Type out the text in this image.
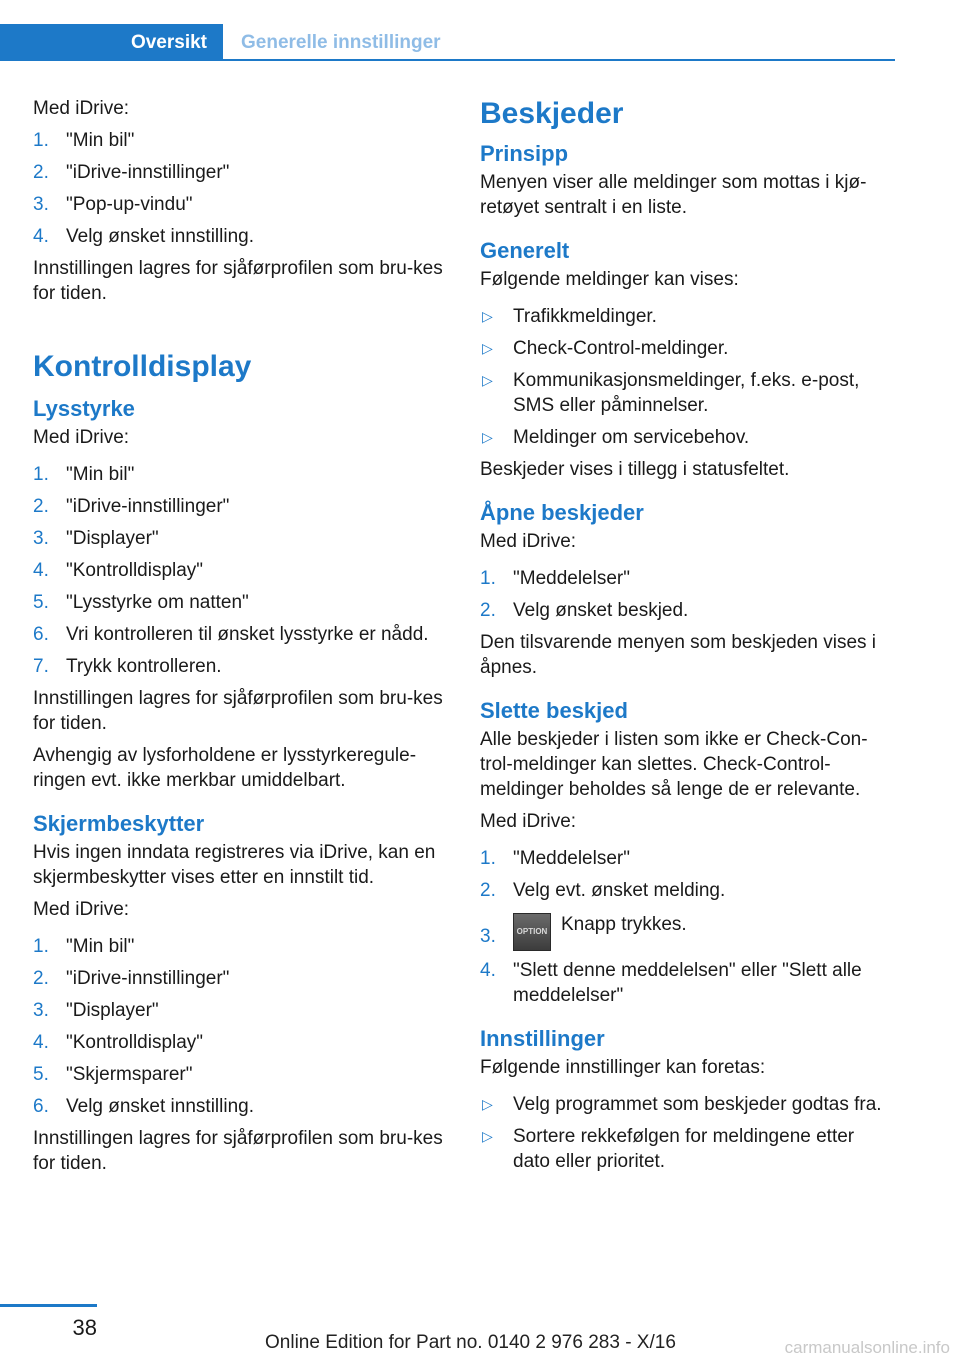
Oversikt	Generelle innstillinger

Med iDrive:

1. "Min bil"
2. "iDrive-innstillinger"
3. "Pop-up-vindu"
4. Velg ønsket innstilling.

Innstillingen lagres for sjåførprofilen som bru-kes for tiden.

Kontrolldisplay
Lysstyrke

Med iDrive:

1. "Min bil"
2. "iDrive-innstillinger"
3. "Displayer"
4. "Kontrolldisplay"
5. "Lysstyrke om natten"
6. Vri kontrolleren til ønsket lysstyrke er nådd.
7. Trykk kontrolleren.

Innstillingen lagres for sjåførprofilen som bru-kes for tiden.

Avhengig av lysforholdene er lysstyrkeregule-ringen evt. ikke merkbar umiddelbart.

Skjermbeskytter

Hvis ingen inndata registreres via iDrive, kan en skjermbeskytter vises etter en innstilt tid.

Med iDrive:

1. "Min bil"
2. "iDrive-innstillinger"
3. "Displayer"
4. "Kontrolldisplay"
5. "Skjermsparer"
6. Velg ønsket innstilling.

Innstillingen lagres for sjåførprofilen som bru-kes for tiden.

Beskjeder
Prinsipp

Menyen viser alle meldinger som mottas i kjø-retøyet sentralt i en liste.

Generelt

Følgende meldinger kan vises:

▷ Trafikkmeldinger.
▷ Check-Control-meldinger.
▷ Kommunikasjonsmeldinger, f.eks. e-post, SMS eller påminnelser.
▷ Meldinger om servicebehov.

Beskjeder vises i tillegg i statusfeltet.

Åpne beskjeder

Med iDrive:

1. "Meddelelser"
2. Velg ønsket beskjed.

Den tilsvarende menyen som beskjeden vises i åpnes.

Slette beskjed

Alle beskjeder i listen som ikke er Check-Con-trol-meldinger kan slettes. Check-Control-meldinger beholdes så lenge de er relevante.

Med iDrive:

1. "Meddelelser"
2. Velg evt. ønsket melding.
3.	OPTION Knapp trykkes.
4. "Slett denne meddelelsen" eller "Slett alle meddelelser"
Innstillinger

Følgende innstillinger kan foretas:

▷ Velg programmet som beskjeder godtas fra.
▷ Sortere rekkefølgen for meldingene etter dato eller prioritet.
38
Online Edition for Part no. 0140 2 976 283 - X/16	carmanualsonline.info
